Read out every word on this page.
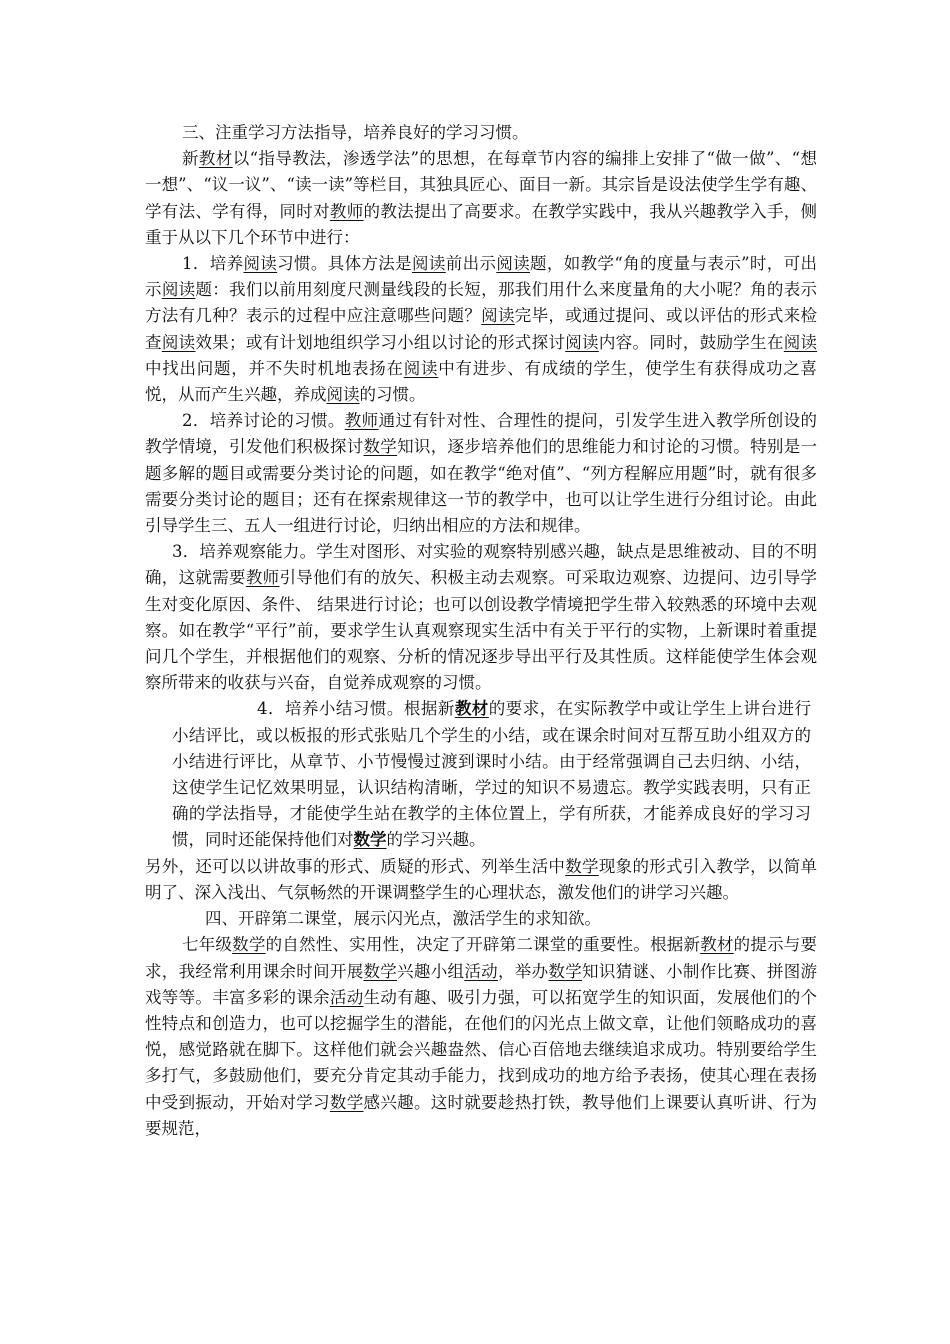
三、注重学习方法指导，培养良好的学习习惯。

新教材以“指导教法，渗透学法”的思想，在每章节内容的编排上安排了“做一做”、“想一想”、“议一议”、“读一读”等栏目，其独具匠心、面目一新。其宗旨是设法使学生学有趣、学有法、学有得，同时对教师的教法提出了高要求。在教学实践中，我从兴趣教学入手，侧重于从以下几个环节中进行：

1．培养阅读习惯。具体方法是阅读前出示阅读题，如教学“角的度量与表示”时，可出示阅读题：我们以前用刻度尺测量线段的长短，那我们用什么来度量角的大小呢？角的表示方法有几种？表示的过程中应注意哪些问题？阅读完毕，或通过提问、或以评估的形式来检查阅读效果；或有计划地组织学习小组以讨论的形式探讨阅读内容。同时，鼓励学生在阅读中找出问题，并不失时机地表扬在阅读中有进步、有成绩的学生，使学生有获得成功之喜悦，从而产生兴趣，养成阅读的习惯。

2．培养讨论的习惯。教师通过有针对性、合理性的提问，引发学生进入教学所创设的教学情境，引发他们积极探讨数学知识，逐步培养他们的思维能力和讨论的习惯。特别是一题多解的题目或需要分类讨论的问题，如在教学“绝对值”、“列方程解应用题”时，就有很多需要分类讨论的题目；还有在探索规律这一节的教学中，也可以让学生进行分组讨论。由此引导学生三、五人一组进行讨论，归纳出相应的方法和规律。

3．培养观察能力。学生对图形、对实验的观察特别感兴趣，缺点是思维被动、目的不明确，这就需要教师引导他们有的放矢、积极主动去观察。可采取边观察、边提问、边引导学生对变化原因、条件、 结果进行讨论；也可以创设教学情境把学生带入较熟悉的环境中去观察。如在教学“平行”前，要求学生认真观察现实生活中有关于平行的实物，上新课时着重提问几个学生，并根据他们的观察、分析的情况逐步导出平行及其性质。这样能使学生体会观察所带来的收获与兴奋，自觉养成观察的习惯。

4．培养小结习惯。根据新教材的要求，在实际教学中或让学生上讲台进行小结评比，或以板报的形式张贴几个学生的小结，或在课余时间对互帮互助小组双方的小结进行评比，从章节、小节慢慢过渡到课时小结。由于经常强调自己去归纳、小结，这使学生记忆效果明显，认识结构清晰，学过的知识不易遗忘。教学实践表明，只有正确的学法指导，才能使学生站在教学的主体位置上，学有所获，才能养成良好的学习习惯，同时还能保持他们对数学的学习兴趣。

另外，还可以以讲故事的形式、质疑的形式、列举生活中数学现象的形式引入教学，以简单明了、深入浅出、气氛畅然的开课调整学生的心理状态，激发他们的讲学习兴趣。

四、开辟第二课堂，展示闪光点，激活学生的求知欲。

七年级数学的自然性、实用性，决定了开辟第二课堂的重要性。根据新教材的提示与要求，我经常利用课余时间开展数学兴趣小组活动，举办数学知识猜谜、小制作比赛、拼图游戏等等。丰富多彩的课余活动生动有趣、吸引力强，可以拓宽学生的知识面，发展他们的个性特点和创造力，也可以挖掘学生的潜能，在他们的闪光点上做文章，让他们领略成功的喜悦，感觉路就在脚下。这样他们就会兴趣盎然、信心百倍地去继续追求成功。特别要给学生多打气，多鼓励他们，要充分肯定其动手能力，找到成功的地方给予表扬，使其心理在表扬中受到振动，开始对学习数学感兴趣。这时就要趁热打铁，教导他们上课要认真听讲、行为要规范，
